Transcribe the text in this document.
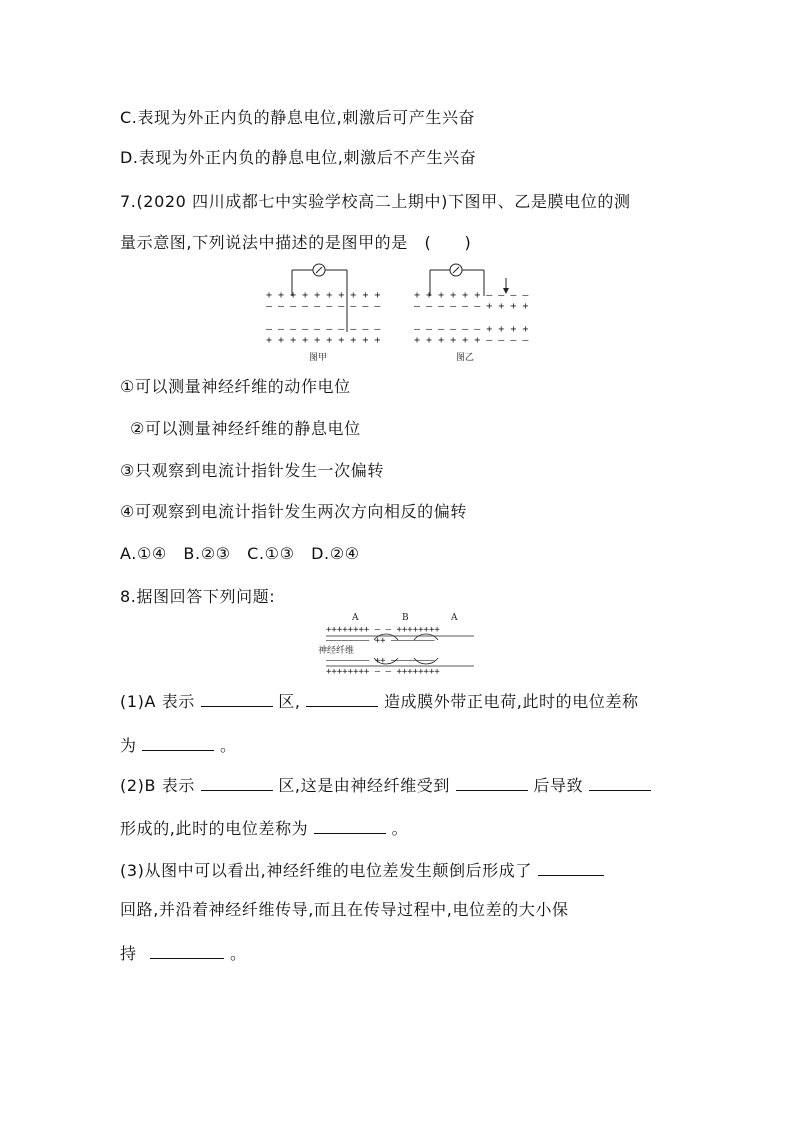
C.表现为外正内负的静息电位,刺激后可产生兴奋
D.表现为外正内负的静息电位,刺激后不产生兴奋
7.(2020 四川成都七中实验学校高二上期中)下图甲、乙是膜电位的测
量示意图,下列说法中描述的是图甲的是　(　　)
+ + + + + + + + + +
— — — — — — — — — —
— — — — — — — — — —
+ + + + + + + + + +
图甲
+ + + + + + — — — —
— — — — — — + + + +
— — — — — — + + + +
+ + + + + + — — — —
图乙
①可以测量神经纤维的动作电位
②可以测量神经纤维的静息电位
③只观察到电流计指针发生一次偏转
④可观察到电流计指针发生两次方向相反的偏转
A.①④　B.②③　C.①③　D.②④
8.据图回答下列问题:
A	B	A
++++++++ — — ++++++++
———————— ++ ————————
神经纤维
———————— ++ ————————
++++++++ — — ++++++++
(1)A 表示	区,	造成膜外带正电荷,此时的电位差称
为	。
(2)B 表示	区,这是由神经纤维受到	后导致
形成的,此时的电位差称为	。
(3)从图中可以看出,神经纤维的电位差发生颠倒后形成了
回路,并沿着神经纤维传导,而且在传导过程中,电位差的大小保
持	。
